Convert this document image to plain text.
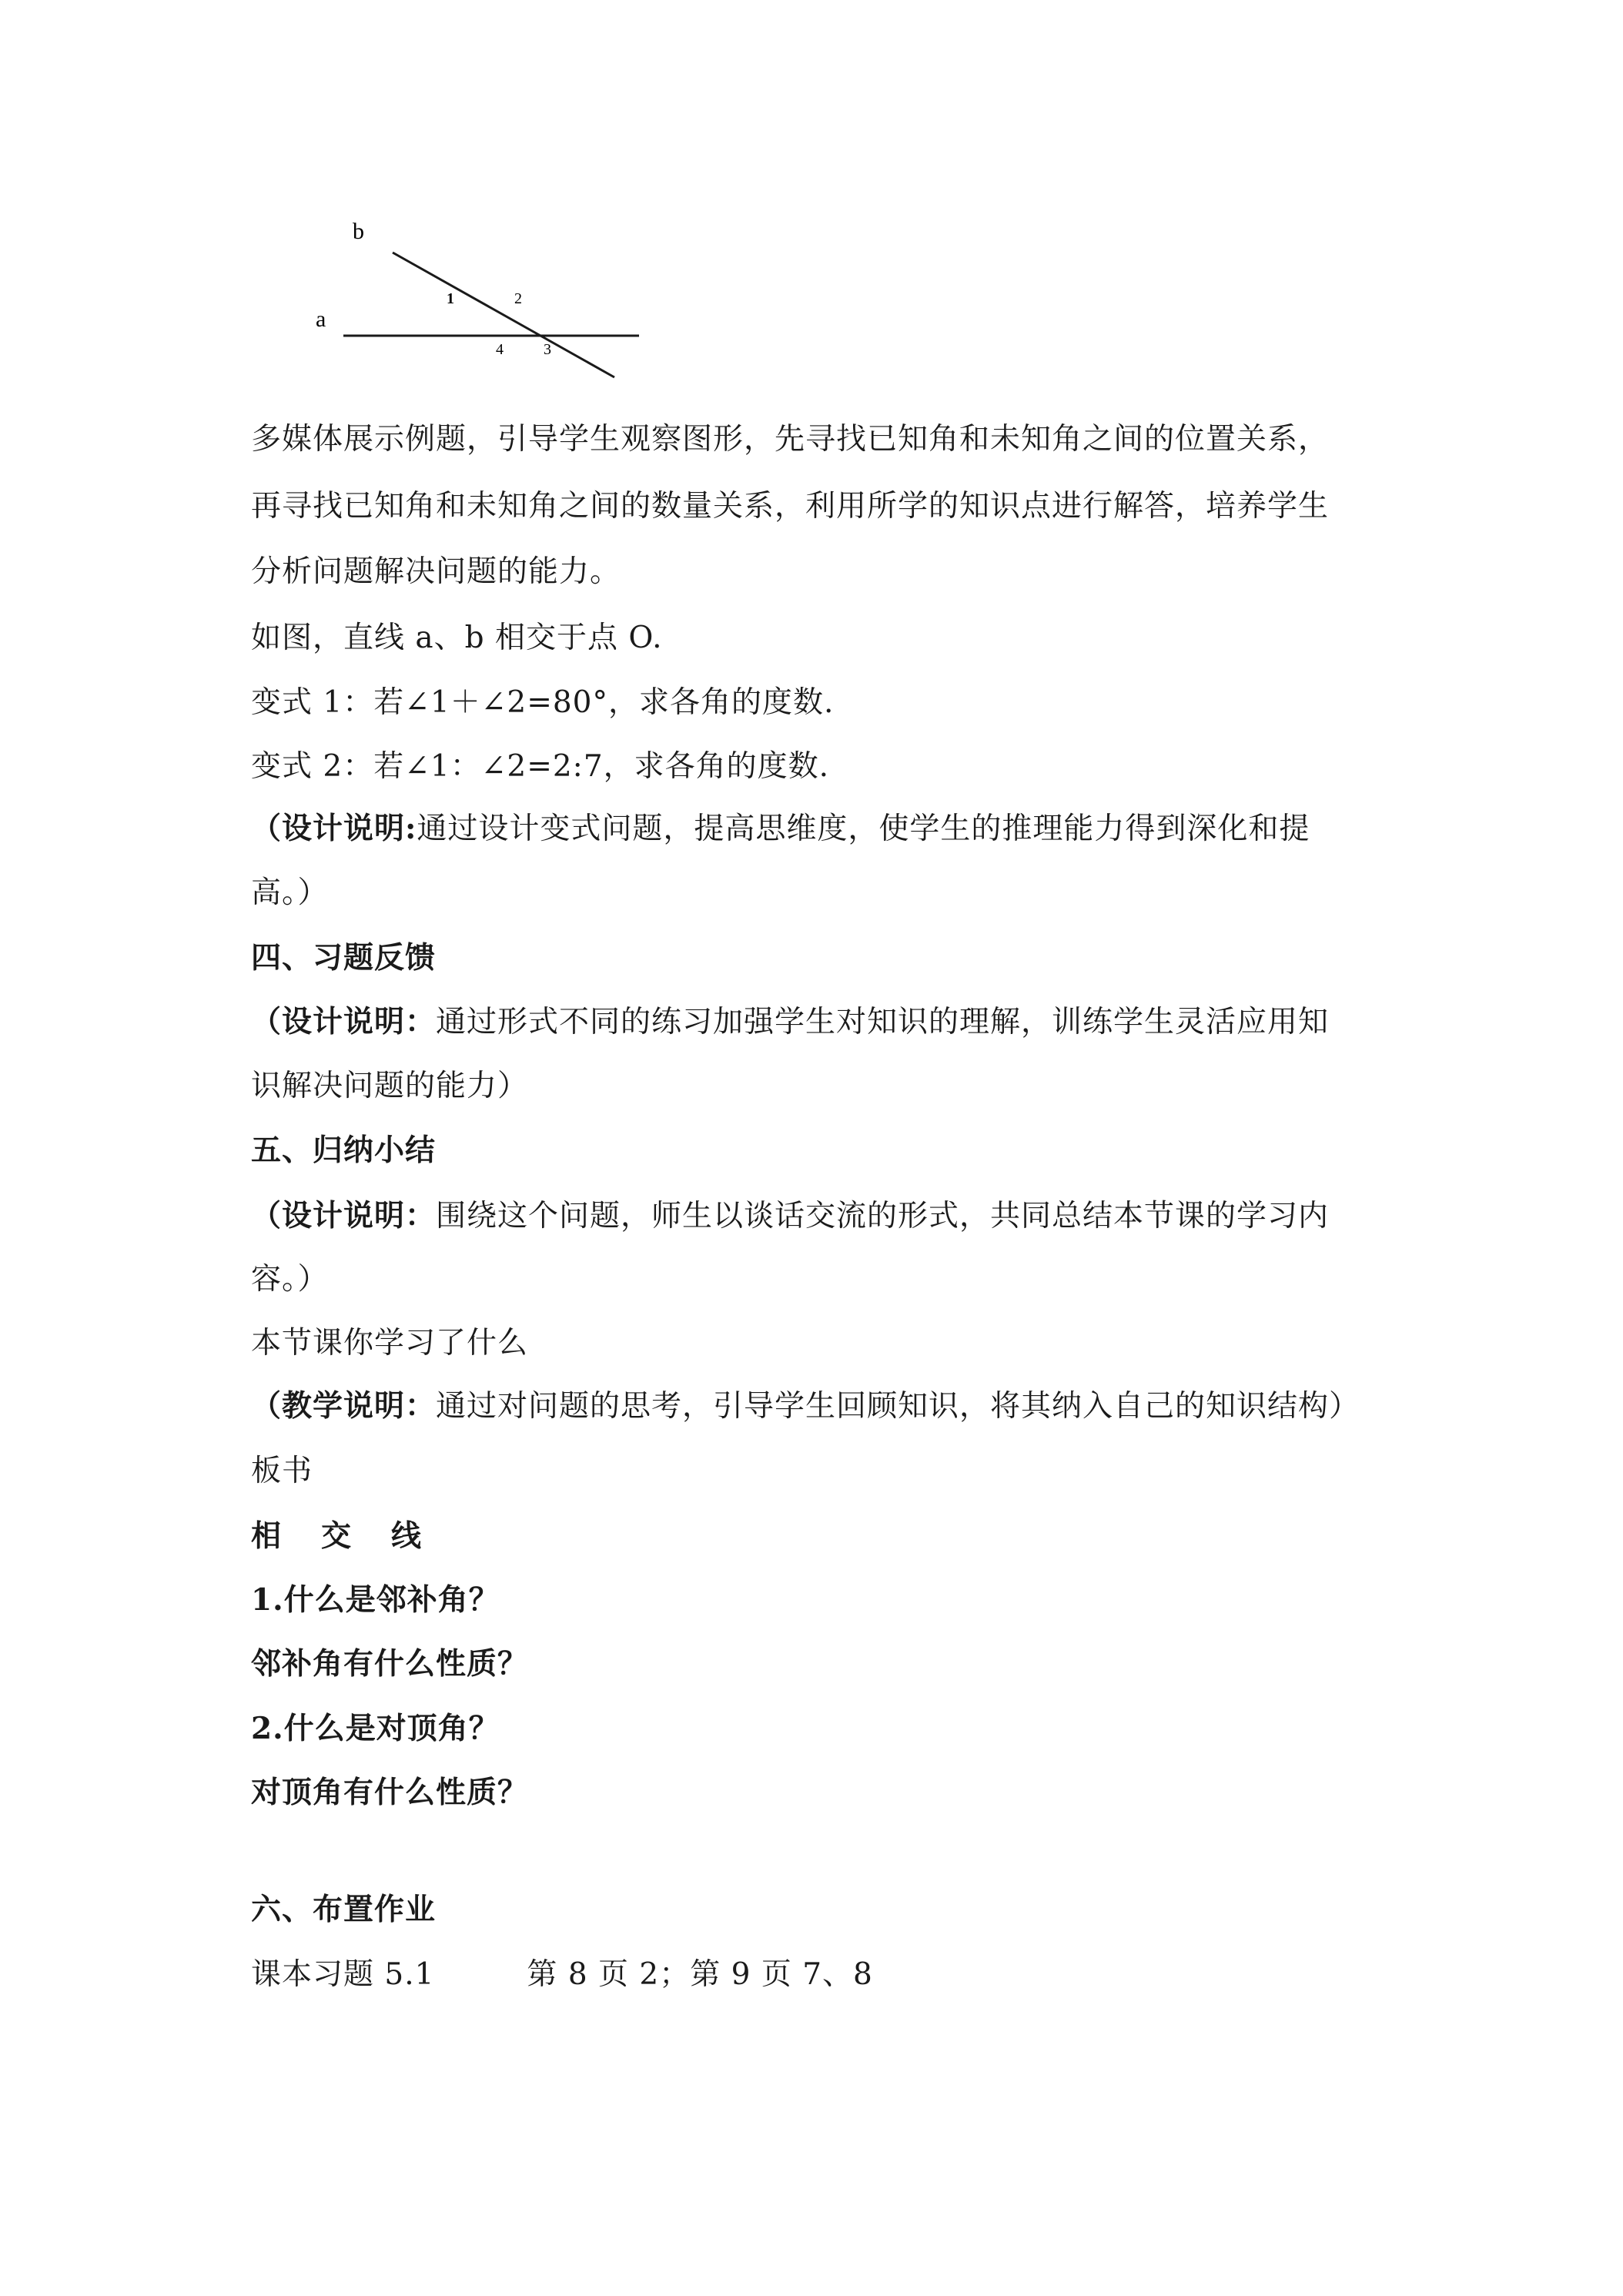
b
a
1	2
4	3
多媒体展示例题，引导学生观察图形，先寻找已知角和未知角之间的位置关系，
再寻找已知角和未知角之间的数量关系，利用所学的知识点进行解答，培养学生
分析问题解决问题的能力。
如图，直线 a、b 相交于点 O.
变式 1：若∠1＋∠2=80°，求各角的度数.
变式 2：若∠1：∠2=2:7，求各角的度数.
（设计说明:通过设计变式问题，提高思维度，使学生的推理能力得到深化和提
高。）
四、习题反馈
（设计说明：通过形式不同的练习加强学生对知识的理解，训练学生灵活应用知
识解决问题的能力）
五、归纳小结
（设计说明：围绕这个问题，师生以谈话交流的形式，共同总结本节课的学习内
容。）
本节课你学习了什么
（教学说明：通过对问题的思考，引导学生回顾知识，将其纳入自己的知识结构）
板书
相交线
1.什么是邻补角？
邻补角有什么性质？
2.什么是对顶角？
对顶角有什么性质？
六、布置作业
课本习题 5.1　　　第 8 页 2；第 9 页 7、8
